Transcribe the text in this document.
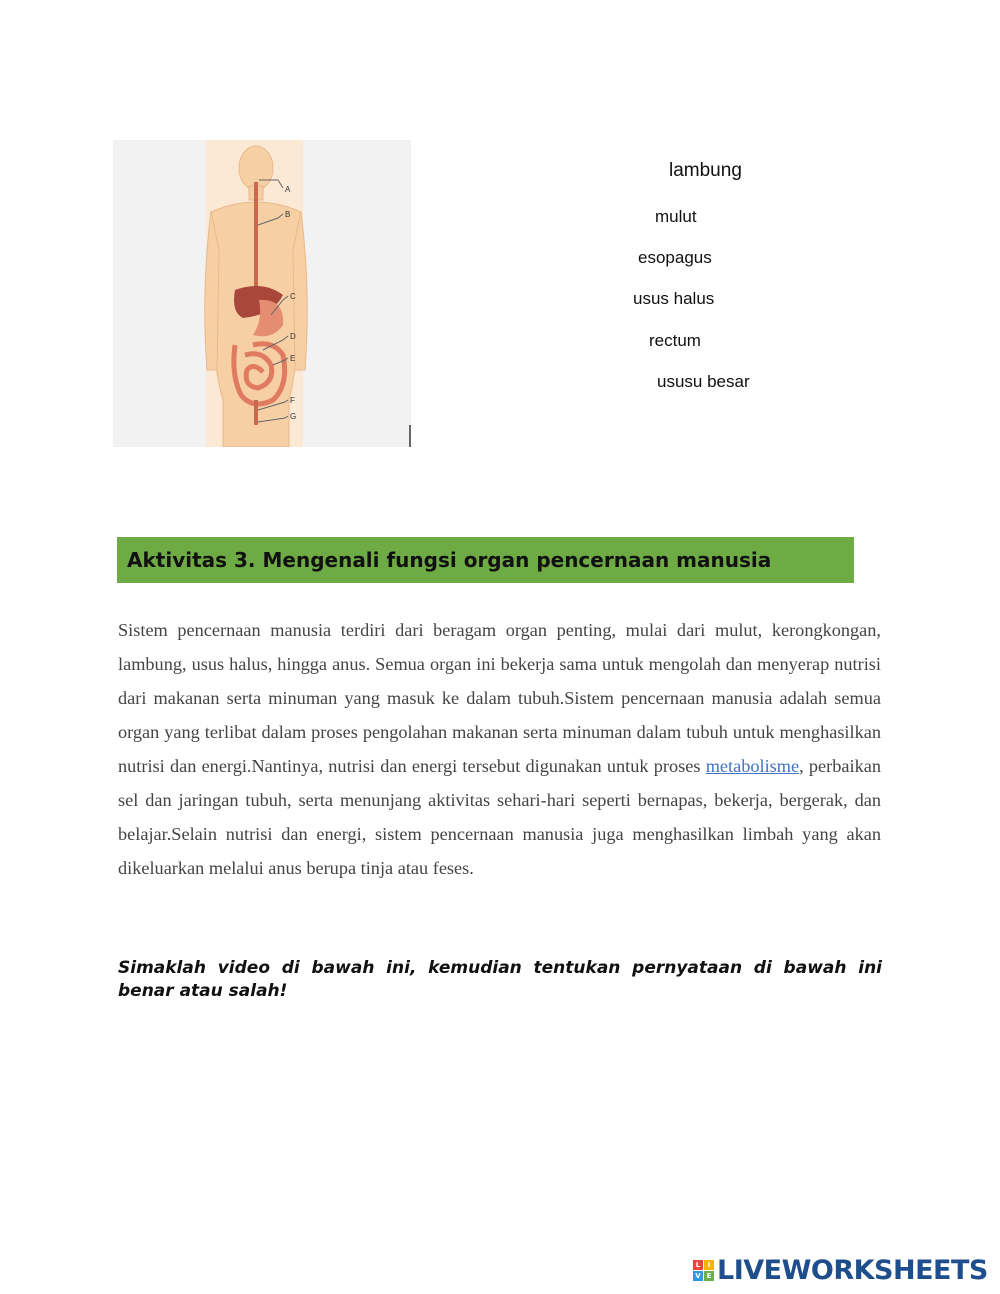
A
B
C
D
E
F
G
lambung
mulut
esopagus
usus halus
rectum
ususu besar
Aktivitas 3. Mengenali fungsi organ pencernaan manusia

Sistem pencernaan manusia terdiri dari beragam organ penting, mulai dari mulut, kerongkongan, lambung, usus halus, hingga anus. Semua organ ini bekerja sama untuk mengolah dan menyerap nutrisi dari makanan serta minuman yang masuk ke dalam tubuh.Sistem pencernaan manusia adalah semua organ yang terlibat dalam proses pengolahan makanan serta minuman dalam tubuh untuk menghasilkan nutrisi dan energi.Nantinya, nutrisi dan energi tersebut digunakan untuk proses metabolisme, perbaikan sel dan jaringan tubuh, serta menunjang aktivitas sehari-hari seperti bernapas, bekerja, bergerak, dan belajar.Selain nutrisi dan energi, sistem pencernaan manusia juga menghasilkan limbah yang akan dikeluarkan melalui anus berupa tinja atau feses.

Simaklah video di bawah ini, kemudian tentukan pernyataan di bawah ini benar atau salah!

L	I
V E LIVEWORKSHEETS
